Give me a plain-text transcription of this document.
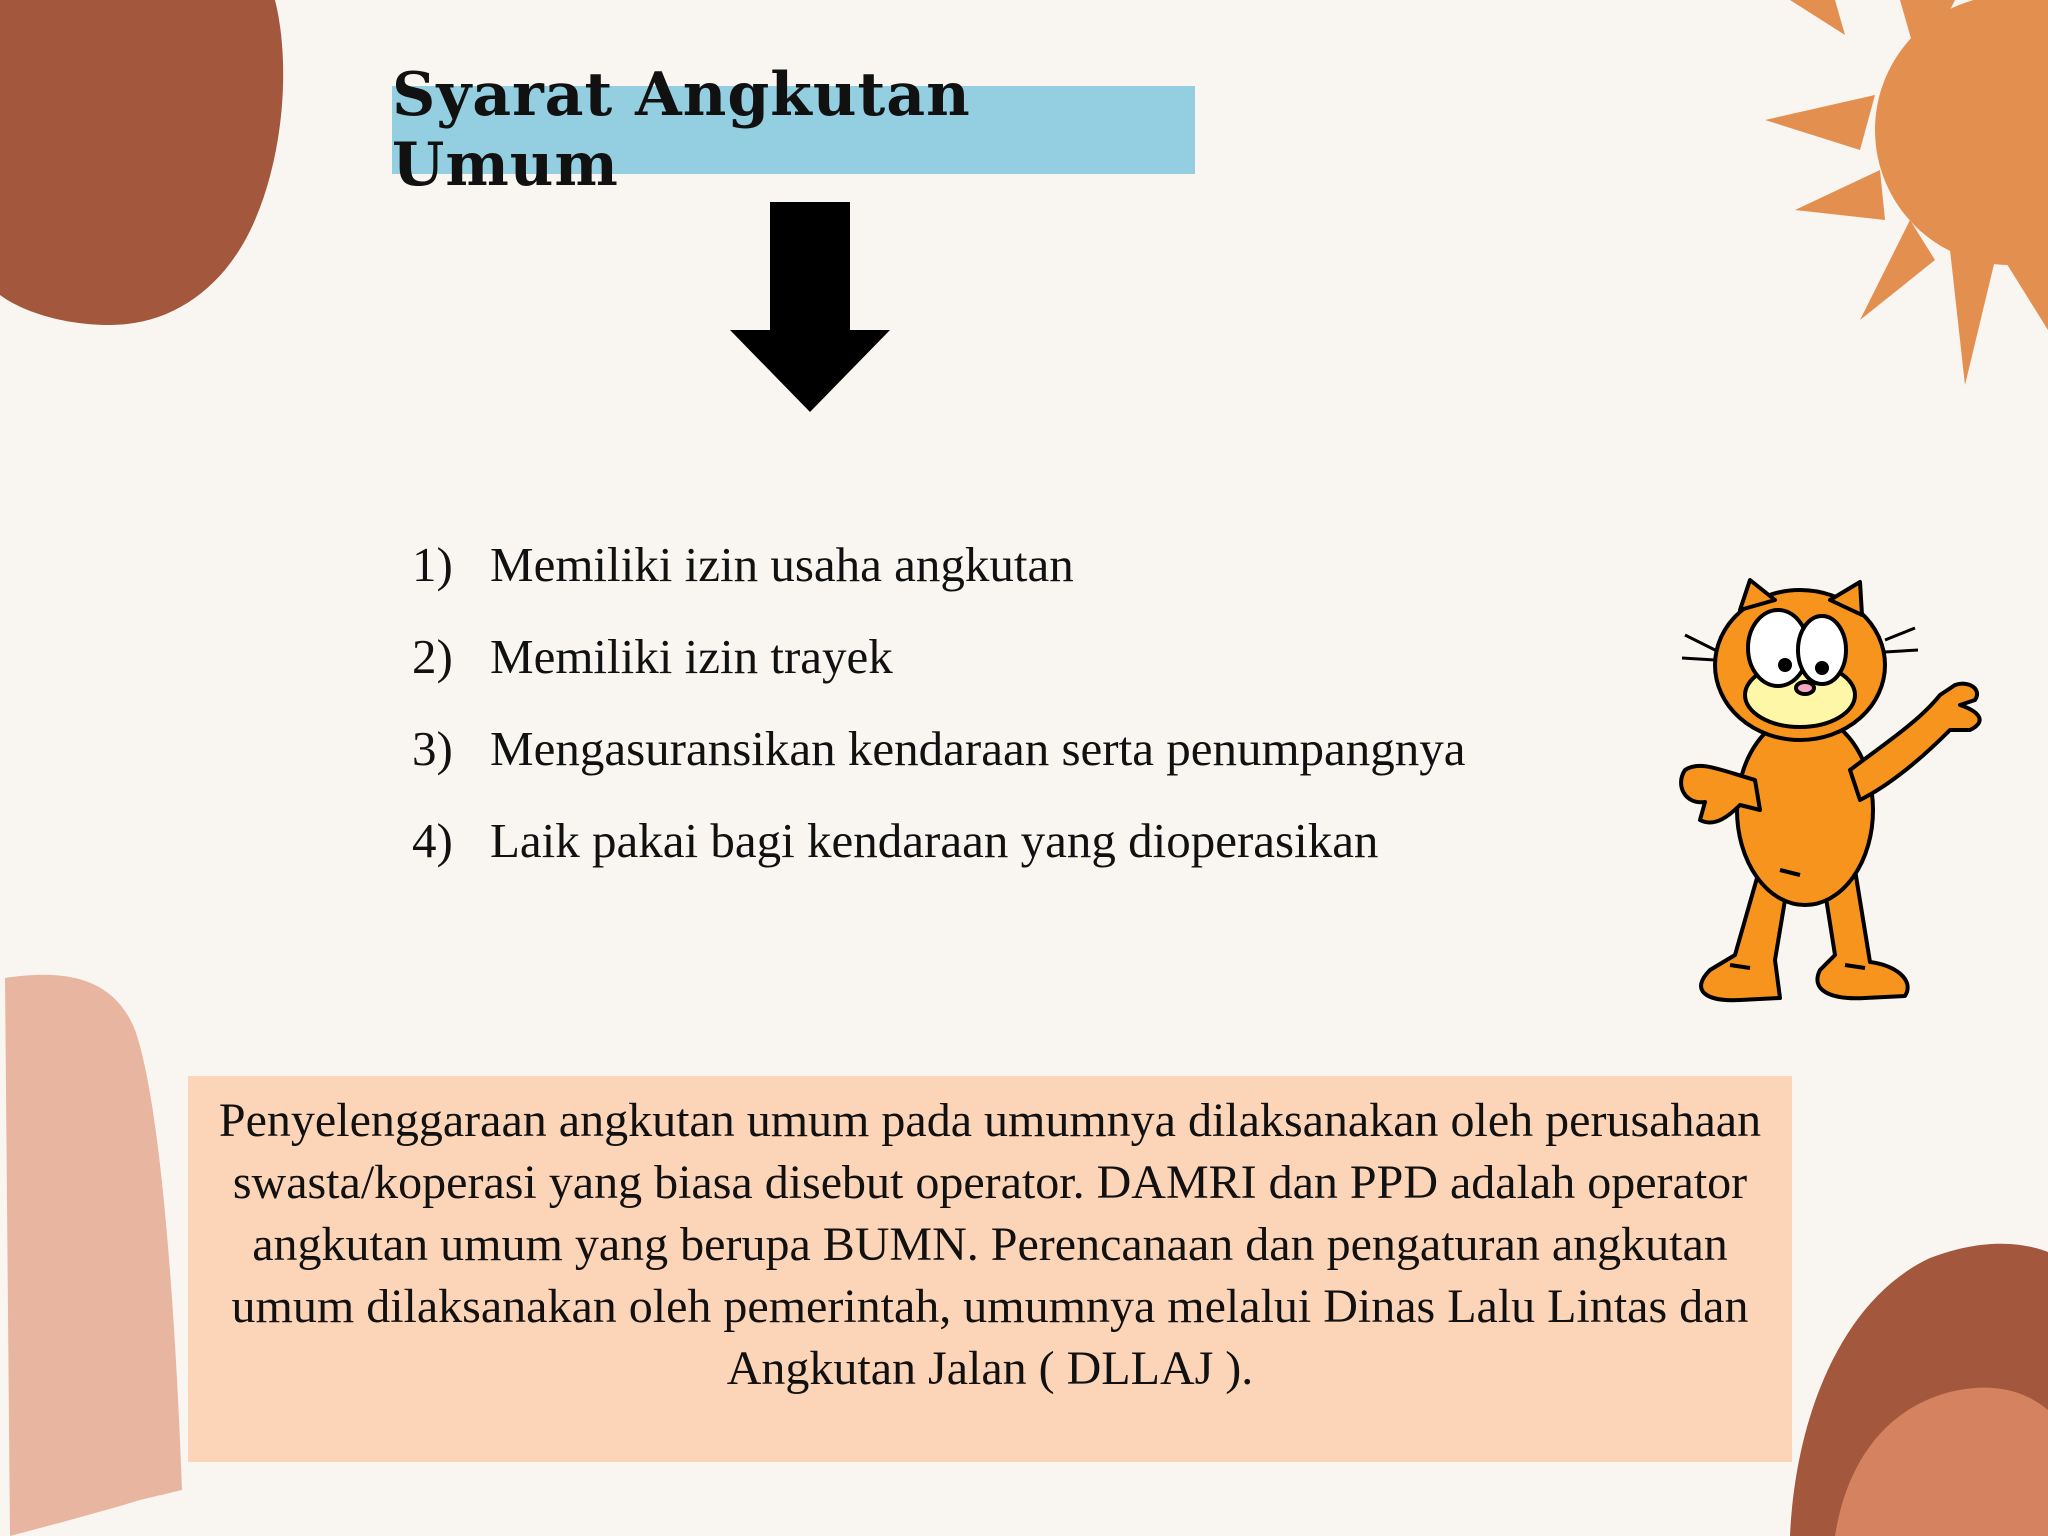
Syarat Angkutan Umum
1) Memiliki izin usaha angkutan
2) Memiliki izin trayek
3) Mengasuransikan kendaraan serta penumpangnya
4) Laik pakai bagi kendaraan yang dioperasikan

Penyelenggaraan angkutan umum pada umumnya dilaksanakan oleh perusahaan swasta/koperasi yang biasa disebut operator. DAMRI dan PPD adalah operator angkutan umum yang berupa BUMN. Perencanaan dan pengaturan angkutan umum dilaksanakan oleh pemerintah, umumnya melalui Dinas Lalu Lintas dan Angkutan Jalan ( DLLAJ ).
